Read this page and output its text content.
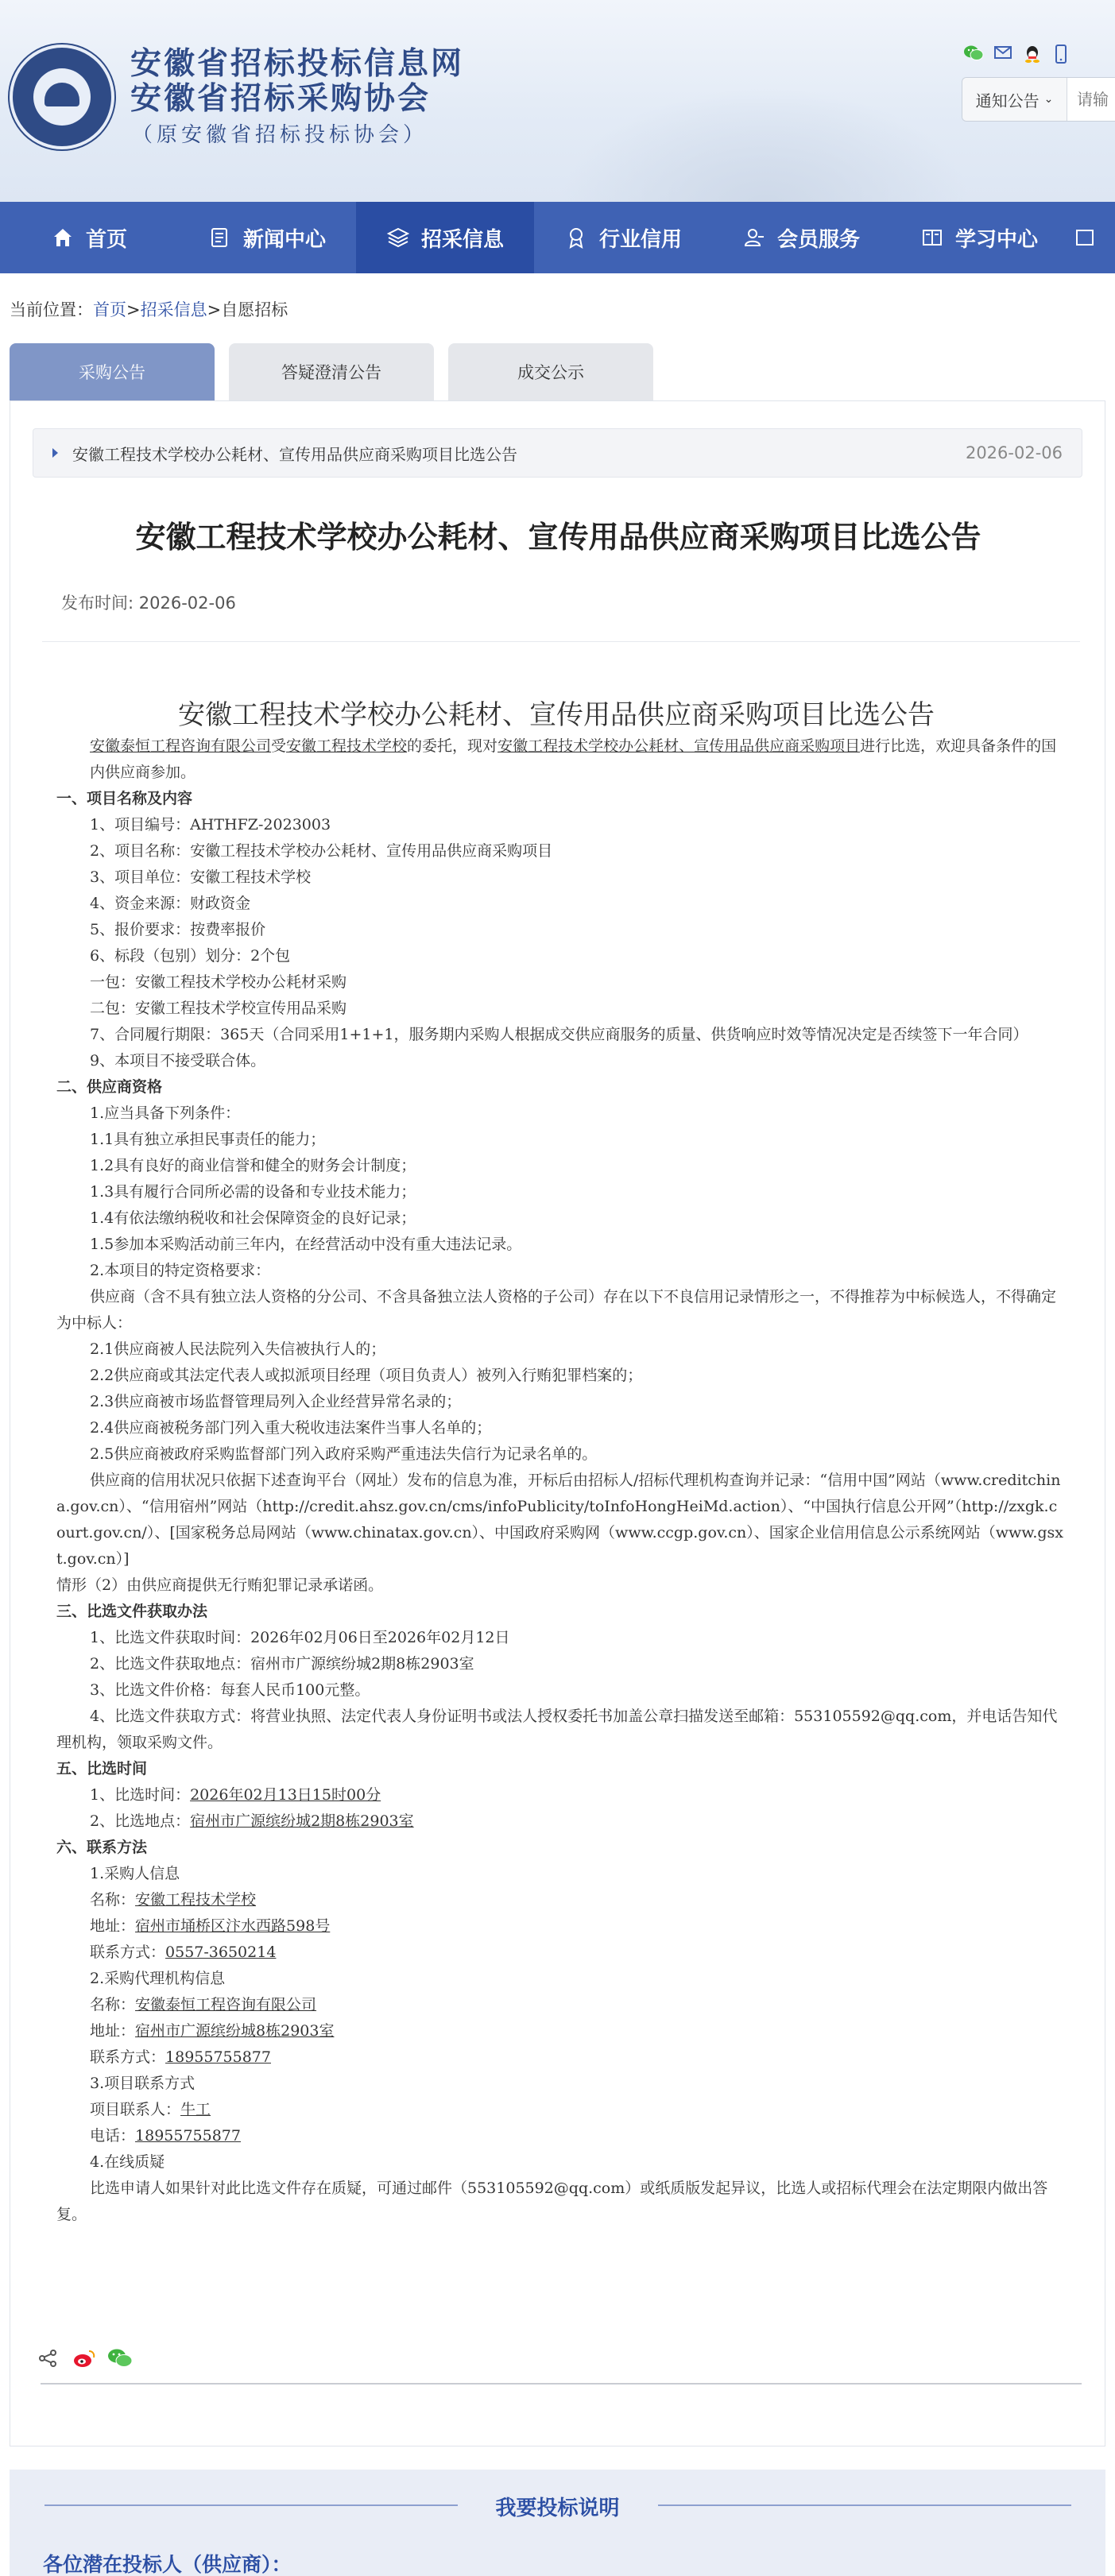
安徽省招标投标信息网
安徽省招标采购协会
（原安徽省招标投标协会）
通知公告 ⌄
请输
首页	新闻中心	招采信息	行业信用	会员服务	学习中心
当前位置：首页>招采信息>自愿招标
采购公告	答疑澄清公告	成交公示
安徽工程技术学校办公耗材、宣传用品供应商采购项目比选公告	2026-02-06
安徽工程技术学校办公耗材、宣传用品供应商采购项目比选公告
发布时间: 2026-02-06
安徽工程技术学校办公耗材、宣传用品供应商采购项目比选公告

安徽泰恒工程咨询有限公司受安徽工程技术学校的委托，现对安徽工程技术学校办公耗材、宣传用品供应商采购项目进行比选，欢迎具备条件的国内供应商参加。

一、项目名称及内容

1、项目编号：AHTHFZ-2023003

2、项目名称：安徽工程技术学校办公耗材、宣传用品供应商采购项目

3、项目单位：安徽工程技术学校

4、资金来源：财政资金

5、报价要求：按费率报价

6、标段（包别）划分：2个包

一包：安徽工程技术学校办公耗材采购

二包：安徽工程技术学校宣传用品采购

7、合同履行期限：365天（合同采用1+1+1，服务期内采购人根据成交供应商服务的质量、供货响应时效等情况决定是否续签下一年合同）

9、本项目不接受联合体。

二、供应商资格

1.应当具备下列条件：

1.1具有独立承担民事责任的能力；

1.2具有良好的商业信誉和健全的财务会计制度；

1.3具有履行合同所必需的设备和专业技术能力；

1.4有依法缴纳税收和社会保障资金的良好记录；

1.5参加本采购活动前三年内，在经营活动中没有重大违法记录。

2.本项目的特定资格要求：

供应商（含不具有独立法人资格的分公司、不含具备独立法人资格的子公司）存在以下不良信用记录情形之一，不得推荐为中标候选人，不得确定为中标人：

2.1供应商被人民法院列入失信被执行人的；

2.2供应商或其法定代表人或拟派项目经理（项目负责人）被列入行贿犯罪档案的；

2.3供应商被市场监督管理局列入企业经营异常名录的；

2.4供应商被税务部门列入重大税收违法案件当事人名单的；

2.5供应商被政府采购监督部门列入政府采购严重违法失信行为记录名单的。

供应商的信用状况只依据下述查询平台（网址）发布的信息为准，开标后由招标人/招标代理机构查询并记录：“信用中国”网站（www.creditchina.gov.cn）、“信用宿州”网站（http://credit.ahsz.gov.cn/cms/infoPublicity/toInfoHongHeiMd.action）、“中国执行信息公开网”（http://zxgk.court.gov.cn/）、[国家税务总局网站（www.chinatax.gov.cn）、中国政府采购网（www.ccgp.gov.cn）、国家企业信用信息公示系统网站（www.gsxt.gov.cn）]

情形（2）由供应商提供无行贿犯罪记录承诺函。

三、比选文件获取办法

1、比选文件获取时间：2026年02月06日至2026年02月12日

2、比选文件获取地点：宿州市广源缤纷城2期8栋2903室

3、比选文件价格：每套人民币100元整。

4、比选文件获取方式：将营业执照、法定代表人身份证明书或法人授权委托书加盖公章扫描发送至邮箱：553105592@qq.com，并电话告知代理机构，领取采购文件。

五、比选时间

1、比选时间：2026年02月13日15时00分

2、比选地点：宿州市广源缤纷城2期8栋2903室

六、联系方法

1.采购人信息

名称：安徽工程技术学校

地址：宿州市埇桥区汴水西路598号

联系方式：0557-3650214

2.采购代理机构信息

名称：安徽泰恒工程咨询有限公司

地址：宿州市广源缤纷城8栋2903室

联系方式：18955755877

3.项目联系方式

项目联系人：牛工

电话：18955755877

4.在线质疑

比选申请人如果针对此比选文件存在质疑，可通过邮件（553105592@qq.com）或纸质版发起异议，比选人或招标代理会在法定期限内做出答复。

我要投标说明
各位潜在投标人（供应商）：
